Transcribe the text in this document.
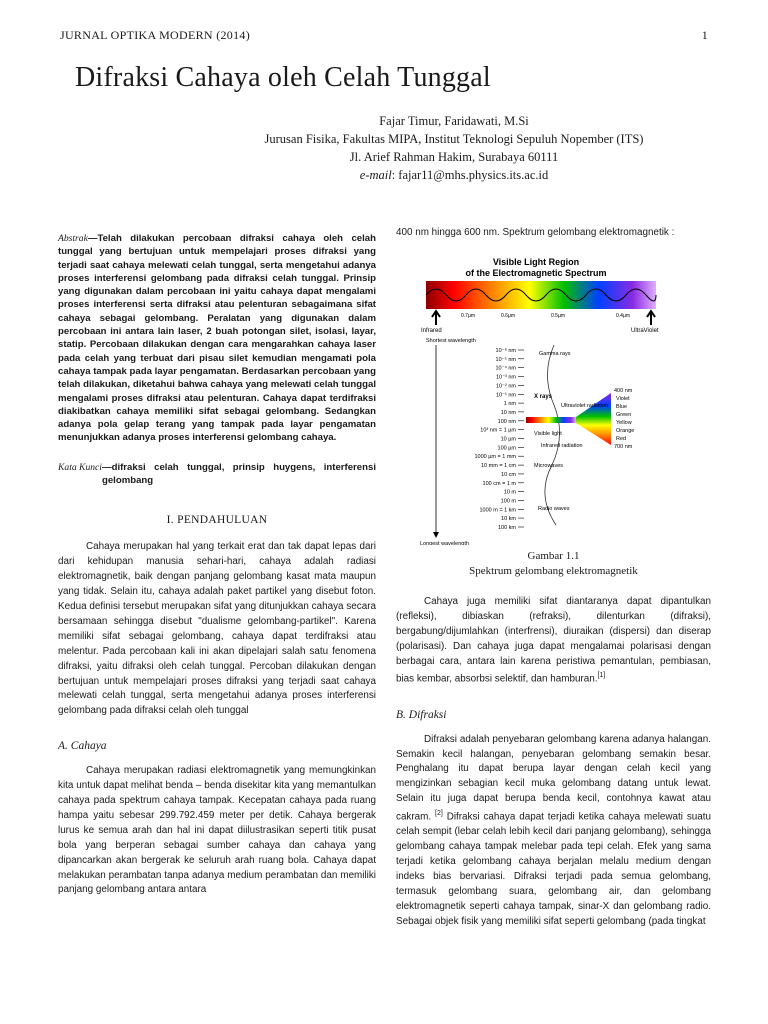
JURNAL OPTIKA MODERN (2014)	1
Difraksi Cahaya oleh Celah Tunggal
Fajar Timur, Faridawati, M.Si
Jurusan Fisika, Fakultas MIPA, Institut Teknologi Sepuluh Nopember (ITS)
Jl. Arief Rahman Hakim, Surabaya 60111
e-mail: fajar11@mhs.physics.its.ac.id

Abstrak—Telah dilakukan percobaan difraksi cahaya oleh celah tunggal yang bertujuan untuk mempelajari proses difraksi yang terjadi saat cahaya melewati celah tunggal, serta mengetahui adanya proses interferensi gelombang pada difraksi celah tunggal. Prinsip yang digunakan dalam percobaan ini yaitu cahaya dapat mengalami proses interferensi serta difraksi atau pelenturan sebagaimana sifat cahaya sebagai gelombang. Peralatan yang digunakan dalam percobaan ini antara lain laser, 2 buah potongan silet, isolasi, layar, statip. Percobaan dilakukan dengan cara mengarahkan cahaya laser pada celah yang terbuat dari pisau silet kemudian mengamati pola cahaya tampak pada layar pengamatan. Berdasarkan percobaan yang telah dilakukan, diketahui bahwa cahaya yang melewati celah tunggal mengalami proses difraksi atau pelenturan. Cahaya dapat terdifraksi diakibatkan cahaya memiliki sifat sebagai gelombang. Sedangkan adanya pola gelap terang yang tampak pada layar pengamatan menunjukkan adanya proses interferensi gelombang cahaya.

Kata Kunci —difraksi celah tunggal, prinsip huygens, interferensi gelombang
I. PENDAHULUAN

Cahaya merupakan hal yang terkait erat dan tak dapat lepas dari dari kehidupan manusia sehari-hari, cahaya adalah radiasi elektromagnetik, baik dengan panjang gelombang kasat mata maupun yang tidak. Selain itu, cahaya adalah paket partikel yang disebut foton. Kedua definisi tersebut merupakan sifat yang ditunjukkan cahaya secara bersamaan sehingga disebut "dualisme gelombang-partikel". Karena memiliki sifat sebagai gelombang, cahaya dapat terdifraksi atau melentur. Pada percobaan kali ini akan dipelajari salah satu fenomena difraksi, yaitu difraksi oleh celah tunggal. Percoban dilakukan dengan bertujuan untuk mempelajari proses difraksi yang terjadi saat cahaya melewati celah tunggal, serta mengetahui adanya proses interferensi gelombang pada difraksi celah oleh tunggal

A. Cahaya

Cahaya merupakan radiasi elektromagnetik yang memungkinkan kita untuk dapat melihat benda – benda disekitar kita yang memantulkan cahaya pada spektrum cahaya tampak. Kecepatan cahaya pada ruang hampa yaitu sebesar 299.792.459 meter per detik. Cahaya bergerak lurus ke semua arah dan hal ini dapat diilustrasikan seperti titik pusat bola yang berperan sebagai sumber cahaya dan cahaya yang dipancarkan akan bergerak ke seluruh arah ruang bola. Cahaya dapat melakukan perambatan tanpa adanya medium perambatan dan memiliki panjang gelombang antara antara

400 nm hingga 600 nm. Spektrum gelombang elektromagnetik :

Visible Light Region
of the Electromagnetic Spectrum
0.7µm	0.6µm	0.5µm	0.4µm
Infrared	UltraViolet
Shortest wavelength
Longest wavelength
10⁻⁶ nm
10⁻⁵ nm
10⁻⁴ nm
10⁻³ nm
10⁻² nm
10⁻¹ nm
1 nm
10 nm
100 nm
10³ nm = 1 µm
10 µm
100 µm
1000 µm = 1 mm
10 mm = 1 cm
10 cm
100 cm = 1 m
10 m
100 m
1000 m = 1 km
10 km
100 km
Gamma rays
X rays
Ultraviolet radiation
Visible light
Infrared radiation
Microwaves
Radio waves
400 nm
Violet
Blue
Green
Yellow
Orange
Red
700 nm
Gambar 1.1
Spektrum gelombang elektromagnetik

Cahaya juga memiliki sifat diantaranya dapat dipantulkan (refleksi), dibiaskan (refraksi), dilenturkan (difraksi), bergabung/dijumlahkan (interfrensi), diuraikan (dispersi) dan diserap (polarisasi). Dan cahaya juga dapat mengalamai polarisasi dengan berbagai cara, antara lain karena peristiwa pemantulan, pembiasan, bias kembar, absorbsi selektif, dan hamburan.[1]

B. Difraksi

Difraksi adalah penyebaran gelombang karena adanya halangan. Semakin kecil halangan, penyebaran gelombang semakin besar. Penghalang itu dapat berupa layar dengan celah kecil yang mengizinkan sebagian kecil muka gelombang datang untuk lewat. Selain itu juga dapat berupa benda kecil, contohnya kawat atau cakram. [2] Difraksi cahaya dapat terjadi ketika cahaya melewati suatu celah sempit (lebar celah lebih kecil dari panjang gelombang), sehingga gelombang cahaya tampak melebar pada tepi celah. Efek yang sama terjadi ketika gelombang cahaya berjalan melalu medium dengan indeks bias bervariasi. Difraksi terjadi pada semua gelombang, termasuk gelombang suara, gelombang air, dan gelombang elektromagnetik seperti cahaya tampak, sinar-X dan gelombang radio. Sebagai objek fisik yang memiliki sifat seperti gelombang (pada tingkat
